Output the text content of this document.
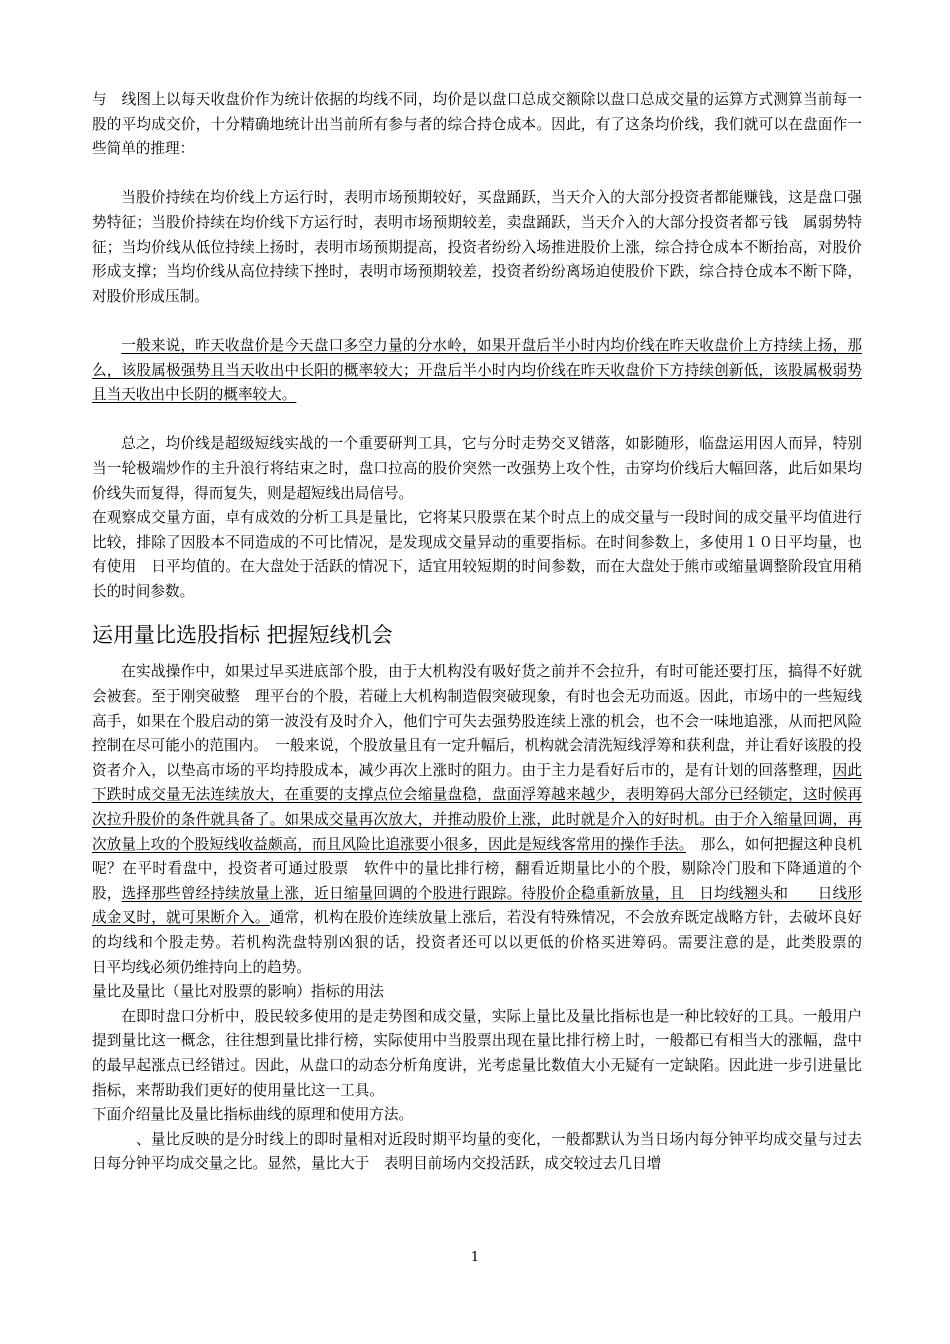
与　线图上以每天收盘价作为统计依据的均线不同，均价是以盘口总成交额除以盘口总成交量的运算方式测算当前每一股的平均成交价，十分精确地统计出当前所有参与者的综合持仓成本。因此，有了这条均价线，我们就可以在盘面作一些简单的推理：

当股价持续在均价线上方运行时，表明市场预期较好，买盘踊跃，当天介入的大部分投资者都能赚钱，这是盘口强势特征；当股价持续在均价线下方运行时，表明市场预期较差，卖盘踊跃，当天介入的大部分投资者都亏钱　属弱势特征；当均价线从低位持续上扬时，表明市场预期提高，投资者纷纷入场推进股价上涨，综合持仓成本不断抬高，对股价形成支撑；当均价线从高位持续下挫时，表明市场预期较差，投资者纷纷离场迫使股价下跌，综合持仓成本不断下降，对股价形成压制。

一般来说，昨天收盘价是今天盘口多空力量的分水岭，如果开盘后半小时内均价线在昨天收盘价上方持续上扬，那么，该股属极强势且当天收出中长阳的概率较大；开盘后半小时内均价线在昨天收盘价下方持续创新低，该股属极弱势且当天收出中长阴的概率较大。

总之，均价线是超级短线实战的一个重要研判工具，它与分时走势交叉错落，如影随形，临盘运用因人而异，特别当一轮极端炒作的主升浪行将结束之时，盘口拉高的股价突然一改强势上攻个性，击穿均价线后大幅回落，此后如果均价线失而复得，得而复失，则是超短线出局信号。

在观察成交量方面，卓有成效的分析工具是量比，它将某只股票在某个时点上的成交量与一段时间的成交量平均值进行比较，排除了因股本不同造成的不可比情况，是发现成交量异动的重要指标。在时间参数上，多使用１０日平均量，也有使用　日平均值的。在大盘处于活跃的情况下，适宜用较短期的时间参数，而在大盘处于熊市或缩量调整阶段宜用稍长的时间参数。

运用量比选股指标 把握短线机会

在实战操作中，如果过早买进底部个股，由于大机构没有吸好货之前并不会拉升，有时可能还要打压，搞得不好就会被套。至于刚突破整　理平台的个股，若碰上大机构制造假突破现象，有时也会无功而返。因此，市场中的一些短线高手，如果在个股启动的第一波没有及时介入，他们宁可失去强势股连续上涨的机会，也不会一味地追涨，从而把风险控制在尽可能小的范围内。　一般来说，个股放量且有一定升幅后，机构就会清洗短线浮筹和获利盘，并让看好该股的投资者介入，以垫高市场的平均持股成本，减少再次上涨时的阻力。由于主力是看好后市的，是有计划的回落整理，因此下跌时成交量无法连续放大，在重要的支撑点位会缩量盘稳，盘面浮筹越来越少，表明筹码大部分已经锁定，这时候再次拉升股价的条件就具备了。如果成交量再次放大，并推动股价上涨，此时就是介入的好时机。由于介入缩量回调，再次放量上攻的个股短线收益颇高，而且风险比追涨要小很多，因此是短线客常用的操作手法。　那么，如何把握这种良机呢？在平时看盘中，投资者可通过股票　软件中的量比排行榜，翻看近期量比小的个股，剔除冷门股和下降通道的个股，选择那些曾经持续放量上涨，近日缩量回调的个股进行跟踪。待股价企稳重新放量，且　日均线翘头和　　日线形成金叉时，就可果断介入。通常，机构在股价连续放量上涨后，若没有特殊情况，不会放弃既定战略方针，去破坏良好的均线和个股走势。若机构洗盘特别凶狠的话，投资者还可以以更低的价格买进筹码。需要注意的是，此类股票的　　日平均线必须仍维持向上的趋势。

量比及量比（量比对股票的影响）指标的用法

在即时盘口分析中，股民较多使用的是走势图和成交量，实际上量比及量比指标也是一种比较好的工具。一般用户提到量比这一概念，往往想到量比排行榜，实际使用中当股票出现在量比排行榜上时，一般都已有相当大的涨幅，盘中的最早起涨点已经错过。因此，从盘口的动态分析角度讲，光考虑量比数值大小无疑有一定缺陷。因此进一步引进量比指标，来帮助我们更好的使用量比这一工具。

下面介绍量比及量比指标曲线的原理和使用方法。

　、量比反映的是分时线上的即时量相对近段时期平均量的变化，一般都默认为当日场内每分钟平均成交量与过去　日每分钟平均成交量之比。显然，量比大于　表明目前场内交投活跃，成交较过去几日增

1
